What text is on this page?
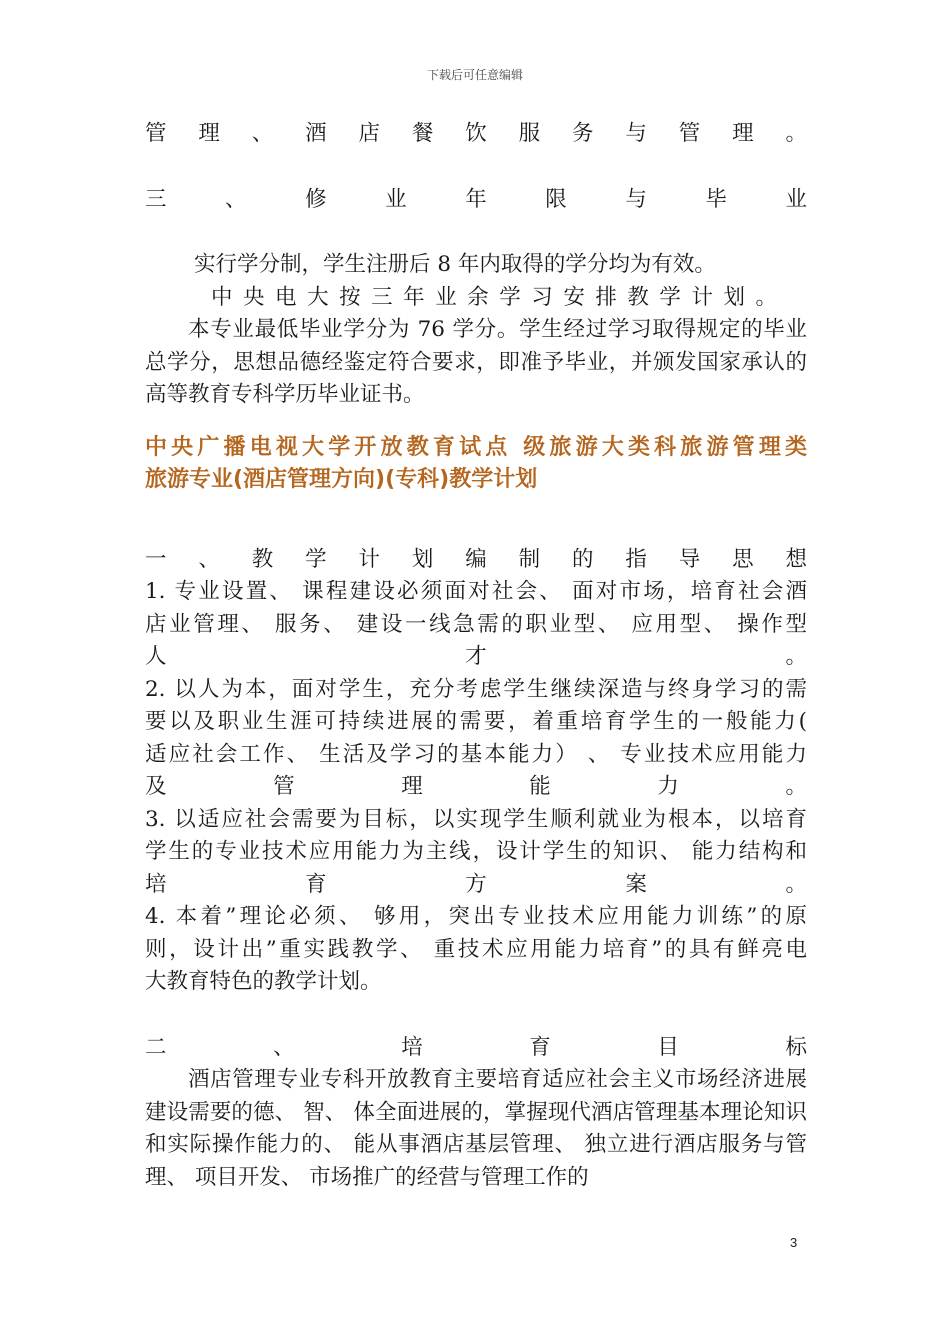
下载后可任意编辑
管 理 、 酒 店 餐 饮 服 务 与 管 理 。
三 、 修 业 年 限 与 毕 业
实行学分制，学生注册后 8 年内取得的学分均为有效。
中 央 电 大 按 三 年 业 余 学 习 安 排 教 学 计 划 。
本专业最低毕业学分为 76 学分。学生经过学习取得规定的毕业总学分，思想品德经鉴定符合要求，即准予毕业，并颁发国家承认的高等教育专科学历毕业证书。
中央广播电视大学开放教育试点 级旅游大类科旅游管理类
旅游专业(酒店管理方向)(专科)教学计划
一 、 教 学 计 划 编 制 的 指 导 思 想
1. 专业设置、 课程建设必须面对社会、 面对市场，培育社会酒
店业管理、 服务、 建设一线急需的职业型、 应用型、 操作型
人 才 。
2. 以人为本，面对学生，充分考虑学生继续深造与终身学习的需
要以及职业生涯可持续进展的需要，着重培育学生的一般能力(
适应社会工作、 生活及学习的基本能力） 、 专业技术应用能力
及 管 理 能 力 。
3. 以适应社会需要为目标，以实现学生顺利就业为根本，以培育
学生的专业技术应用能力为主线，设计学生的知识、 能力结构和
培 育 方 案 。
4. 本着”理论必须、 够用，突出专业技术应用能力训练”的原
则，设计出”重实践教学、 重技术应用能力培育”的具有鲜亮电
大教育特色的教学计划。
二 、 培 育 目 标
酒店管理专业专科开放教育主要培育适应社会主义市场经济进展建设需要的德、 智、 体全面进展的，掌握现代酒店管理基本理论知识和实际操作能力的、 能从事酒店基层管理、 独立进行酒店服务与管理、 项目开发、 市场推广的经营与管理工作的
3
